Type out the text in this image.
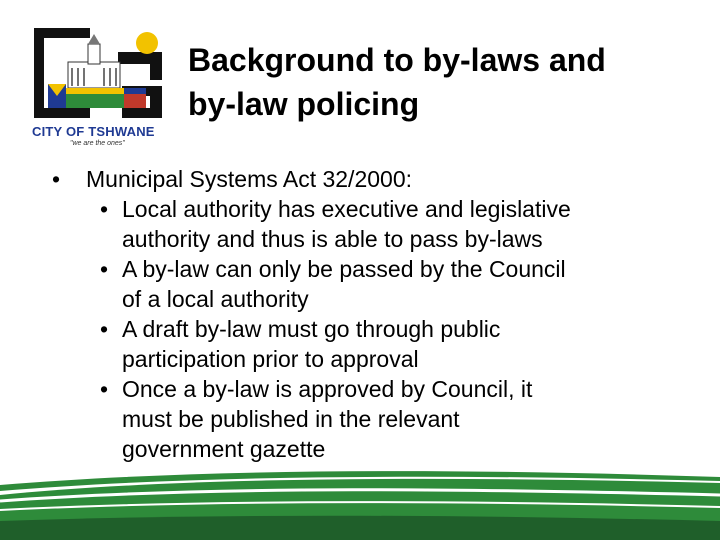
CITY OF TSHWANE
"we are the ones"
Background to by-laws and
by-law policing
•	Municipal Systems Act 32/2000:
• Local authority has executive and legislative
authority and thus is able to pass by-laws
• A by-law can only be passed by the Council
of a local authority
• A draft by-law must go through public
participation prior to approval
• Once a by-law is approved by Council, it
must be published in the relevant
government gazette
